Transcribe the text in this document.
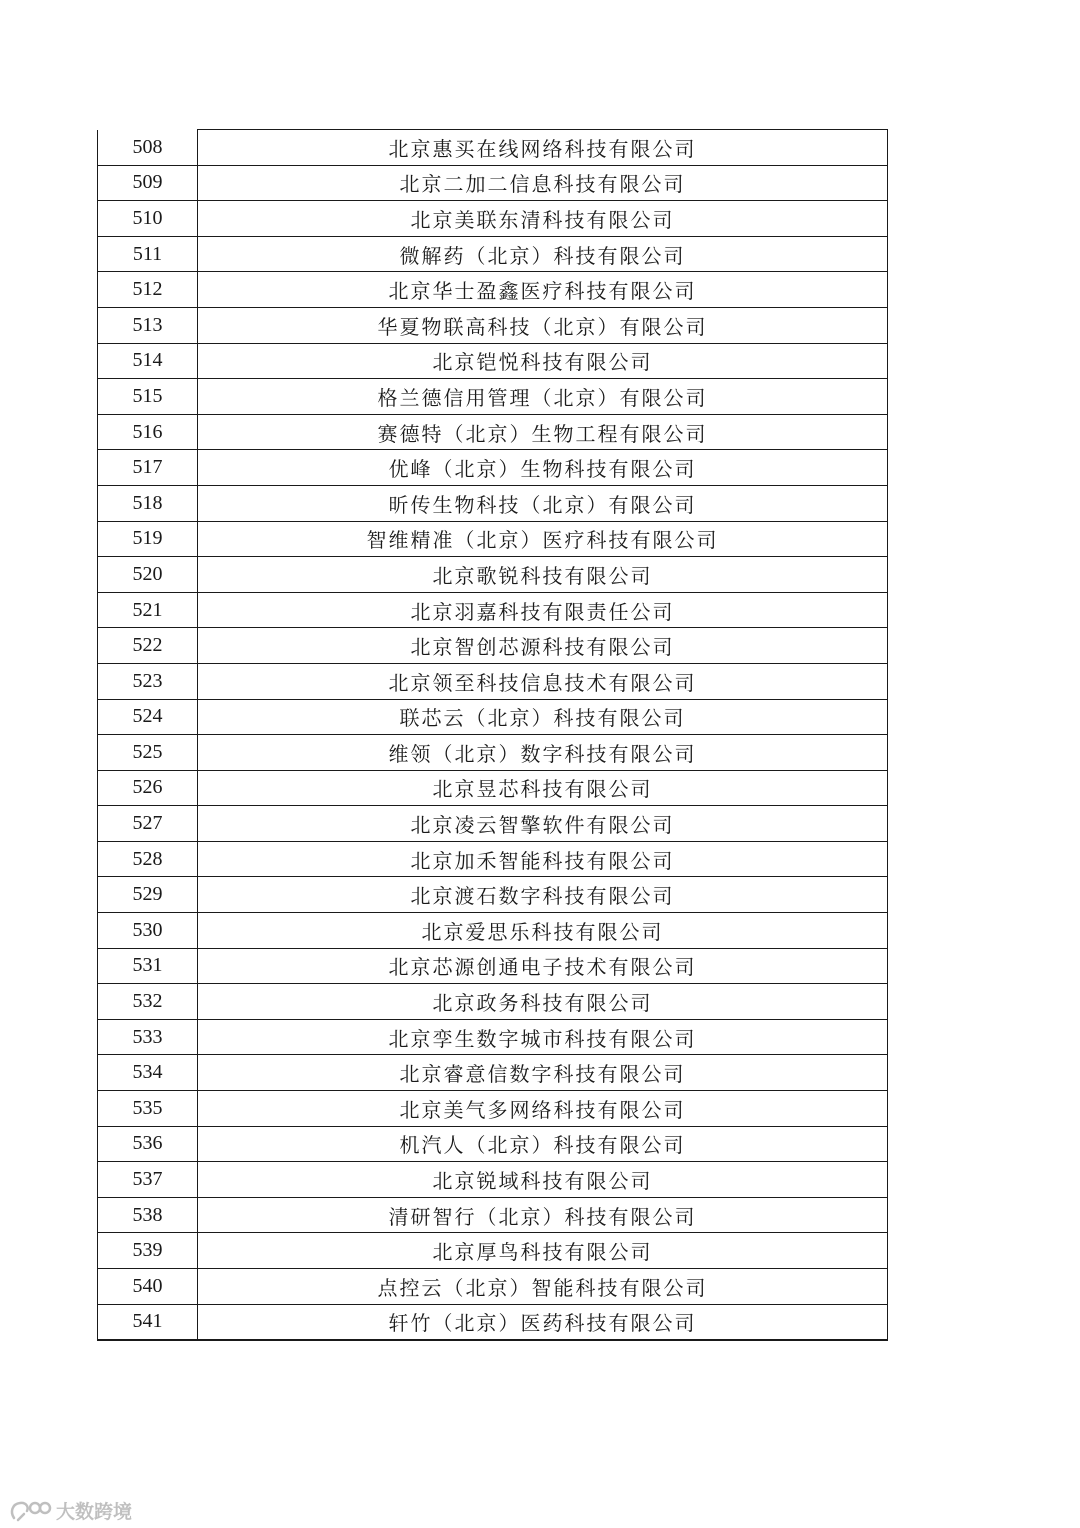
508	北京惠买在线网络科技有限公司
509	北京二加二信息科技有限公司
510	北京美联东清科技有限公司
511	微解药（北京）科技有限公司
512	北京华士盈鑫医疗科技有限公司
513	华夏物联高科技（北京）有限公司
514	北京铠悦科技有限公司
515	格兰德信用管理（北京）有限公司
516	赛德特（北京）生物工程有限公司
517	优峰（北京）生物科技有限公司
518	昕传生物科技（北京）有限公司
519	智维精准（北京）医疗科技有限公司
520	北京歌锐科技有限公司
521	北京羽嘉科技有限责任公司
522	北京智创芯源科技有限公司
523	北京领至科技信息技术有限公司
524	联芯云（北京）科技有限公司
525	维领（北京）数字科技有限公司
526	北京昱芯科技有限公司
527	北京凌云智擎软件有限公司
528	北京加禾智能科技有限公司
529	北京渡石数字科技有限公司
530	北京爱思乐科技有限公司
531	北京芯源创通电子技术有限公司
532	北京政务科技有限公司
533	北京孪生数字城市科技有限公司
534	北京睿意信数字科技有限公司
535	北京美气多网络科技有限公司
536	机汽人（北京）科技有限公司
537	北京锐域科技有限公司
538	清研智行（北京）科技有限公司
539	北京厚鸟科技有限公司
540	点控云（北京）智能科技有限公司
541	轩竹（北京）医药科技有限公司
大数跨境
